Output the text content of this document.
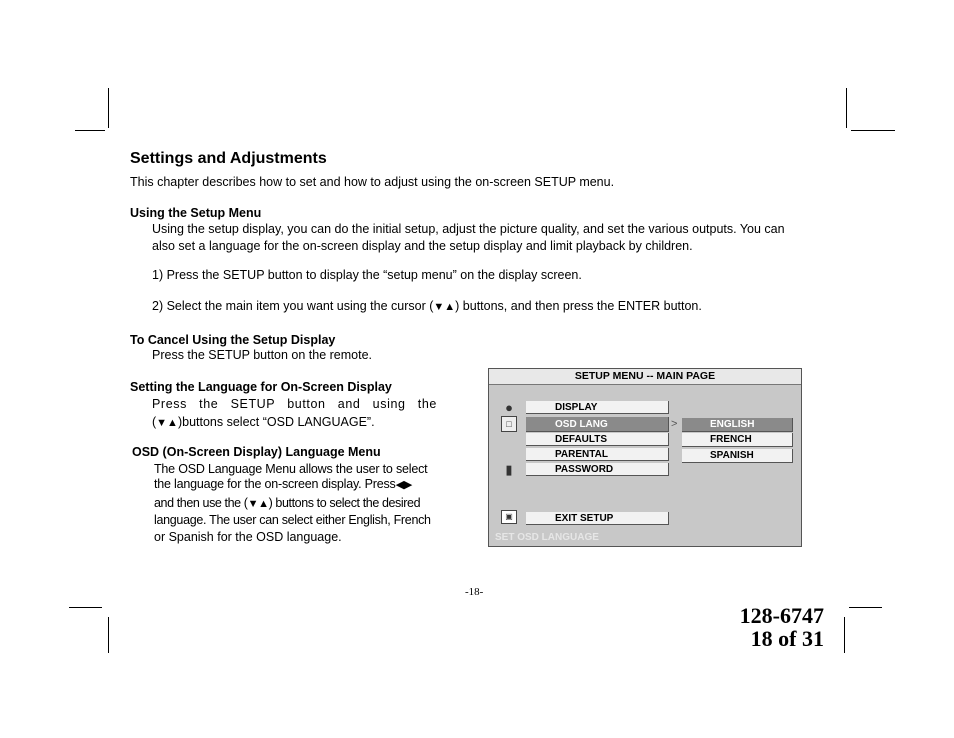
Settings and Adjustments
This chapter describes how to set and how to adjust using the on-screen SETUP menu.
Using the Setup Menu
Using the setup display, you can do the initial setup, adjust the picture quality, and set the various outputs. You can
also set a language for the on-screen display and the setup display and limit playback by children.
1) Press the SETUP button to display the “setup menu” on the display screen.
2) Select the main item you want using the cursor (▼▲) buttons, and then press the ENTER button.
To Cancel Using the Setup Display
Press the SETUP button on the remote.
Setting the Language for On-Screen Display
Press   the   SETUP   button   and   using   the
(▼▲)buttons select “OSD LANGUAGE”.
OSD (On-Screen Display) Language Menu
The OSD Language Menu allows the user to select
the language for the on-screen display. Press◀▶
and then use the (▼▲) buttons to select the desired
language. The user can select either English, French
or Spanish for the OSD language.
SETUP MENU -- MAIN PAGE
●
□
▮
▣
DISPLAY
OSD LANG
DEFAULTS
PARENTAL
PASSWORD
EXIT SETUP
>	ENGLISH
FRENCH
SPANISH
SET OSD LANGUAGE
-18-
128-6747
18 of 31
